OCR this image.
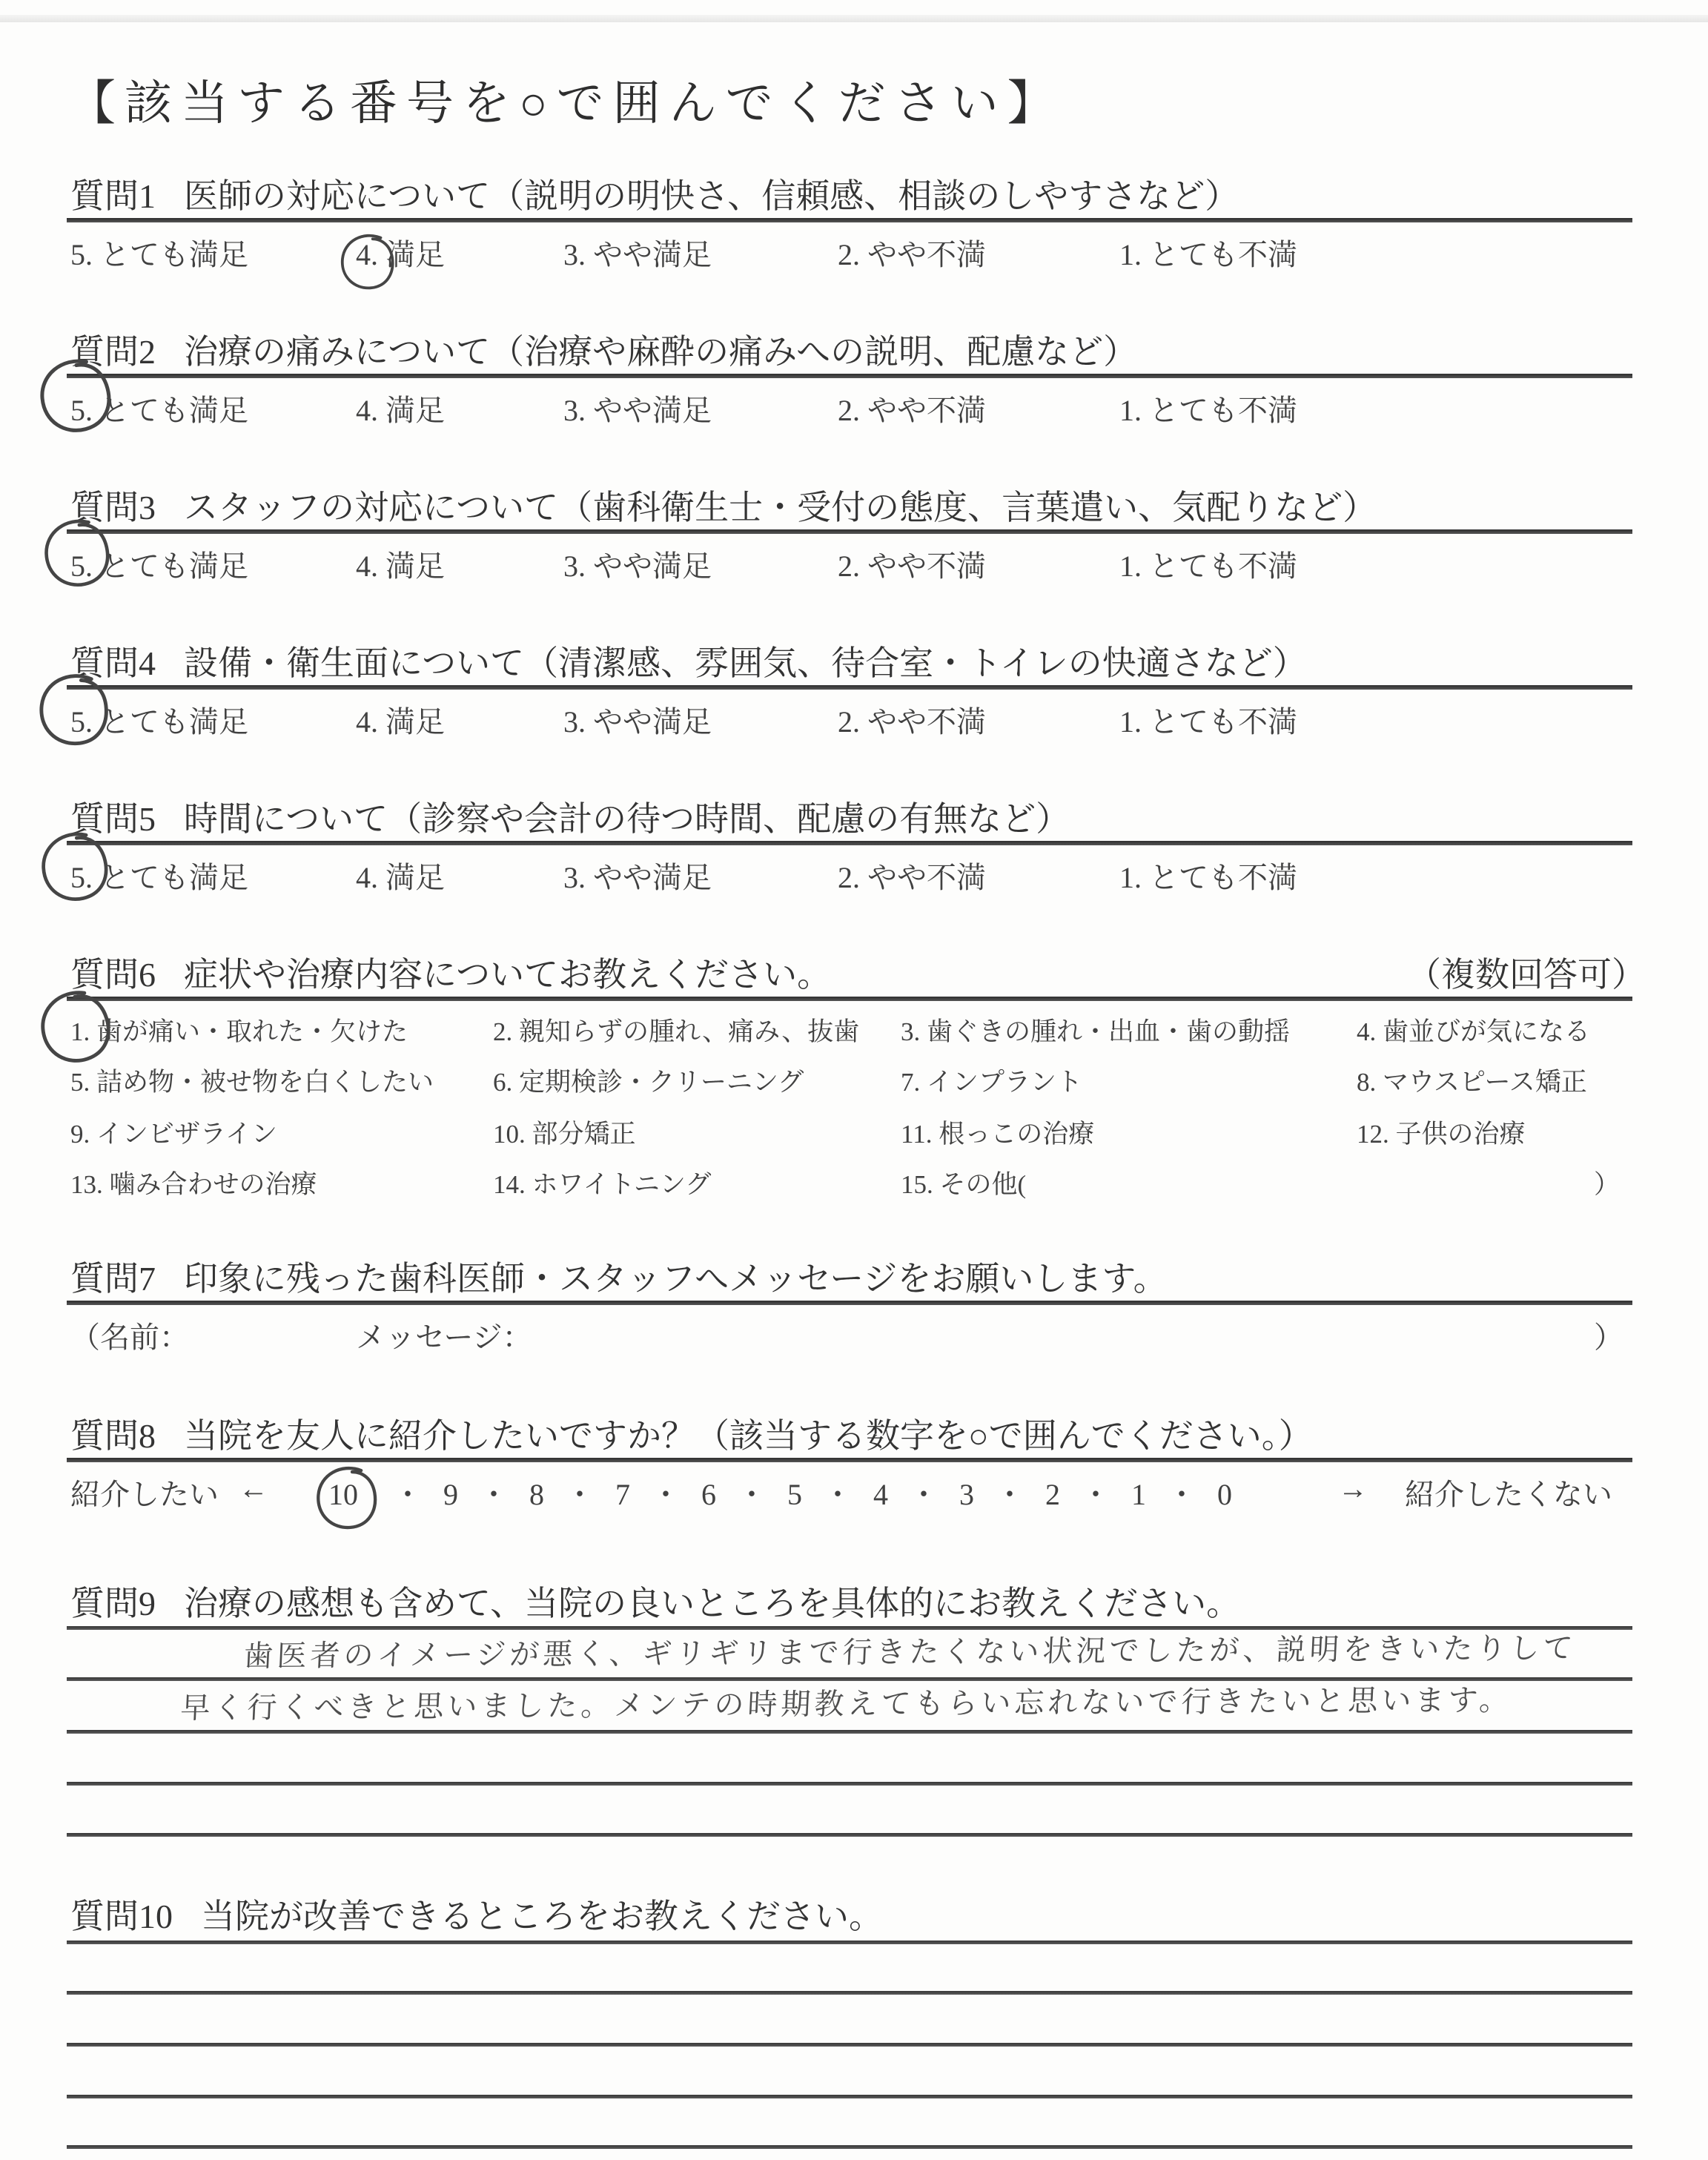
【該当する番号を○で囲んでください】
質問1 医師の対応について（説明の明快さ、信頼感、相談のしやすさなど）
5. とても満足	4. 満足	3. やや満足	2. やや不満	1. とても不満
質問2 治療の痛みについて（治療や麻酔の痛みへの説明、配慮など）
5. とても満足	4. 満足	3. やや満足	2. やや不満	1. とても不満
質問3 スタッフの対応について（歯科衛生士・受付の態度、言葉遣い、気配りなど）
5. とても満足	4. 満足	3. やや満足	2. やや不満	1. とても不満
質問4 設備・衛生面について（清潔感、雰囲気、待合室・トイレの快適さなど）
5. とても満足	4. 満足	3. やや満足	2. やや不満	1. とても不満
質問5 時間について（診察や会計の待つ時間、配慮の有無など）
5. とても満足	4. 満足	3. やや満足	2. やや不満	1. とても不満
質問6 症状や治療内容についてお教えください。	（複数回答可）
1. 歯が痛い・取れた・欠けた	2. 親知らずの腫れ、痛み、抜歯 3. 歯ぐきの腫れ・出血・歯の動揺	4. 歯並びが気になる
5. 詰め物・被せ物を白くしたい 6. 定期検診・クリーニング	7. インプラント	8. マウスピース矯正
9. インビザライン	10. 部分矯正	11. 根っこの治療	12. 子供の治療
13. 噛み合わせの治療	14. ホワイトニング	15. その他(	）
質問7 印象に残った歯科医師・スタッフへメッセージをお願いします。
（名前：	メッセージ：	）
質問8 当院を友人に紹介したいですか？（該当する数字を○で囲んでください。）
紹介したい ← 10 ・ 9 ・ 8 ・ 7 ・ 6 ・ 5 ・ 4 ・ 3 ・ 2 ・ 1 ・ 0	→ 紹介したくない
質問9 治療の感想も含めて、当院の良いところを具体的にお教えください。
歯医者のイメージが悪く、ギリギリまで行きたくない状況でしたが、説明をきいたりして
早く行くべきと思いました。メンテの時期教えてもらい忘れないで行きたいと思います。
質問10 当院が改善できるところをお教えください。
